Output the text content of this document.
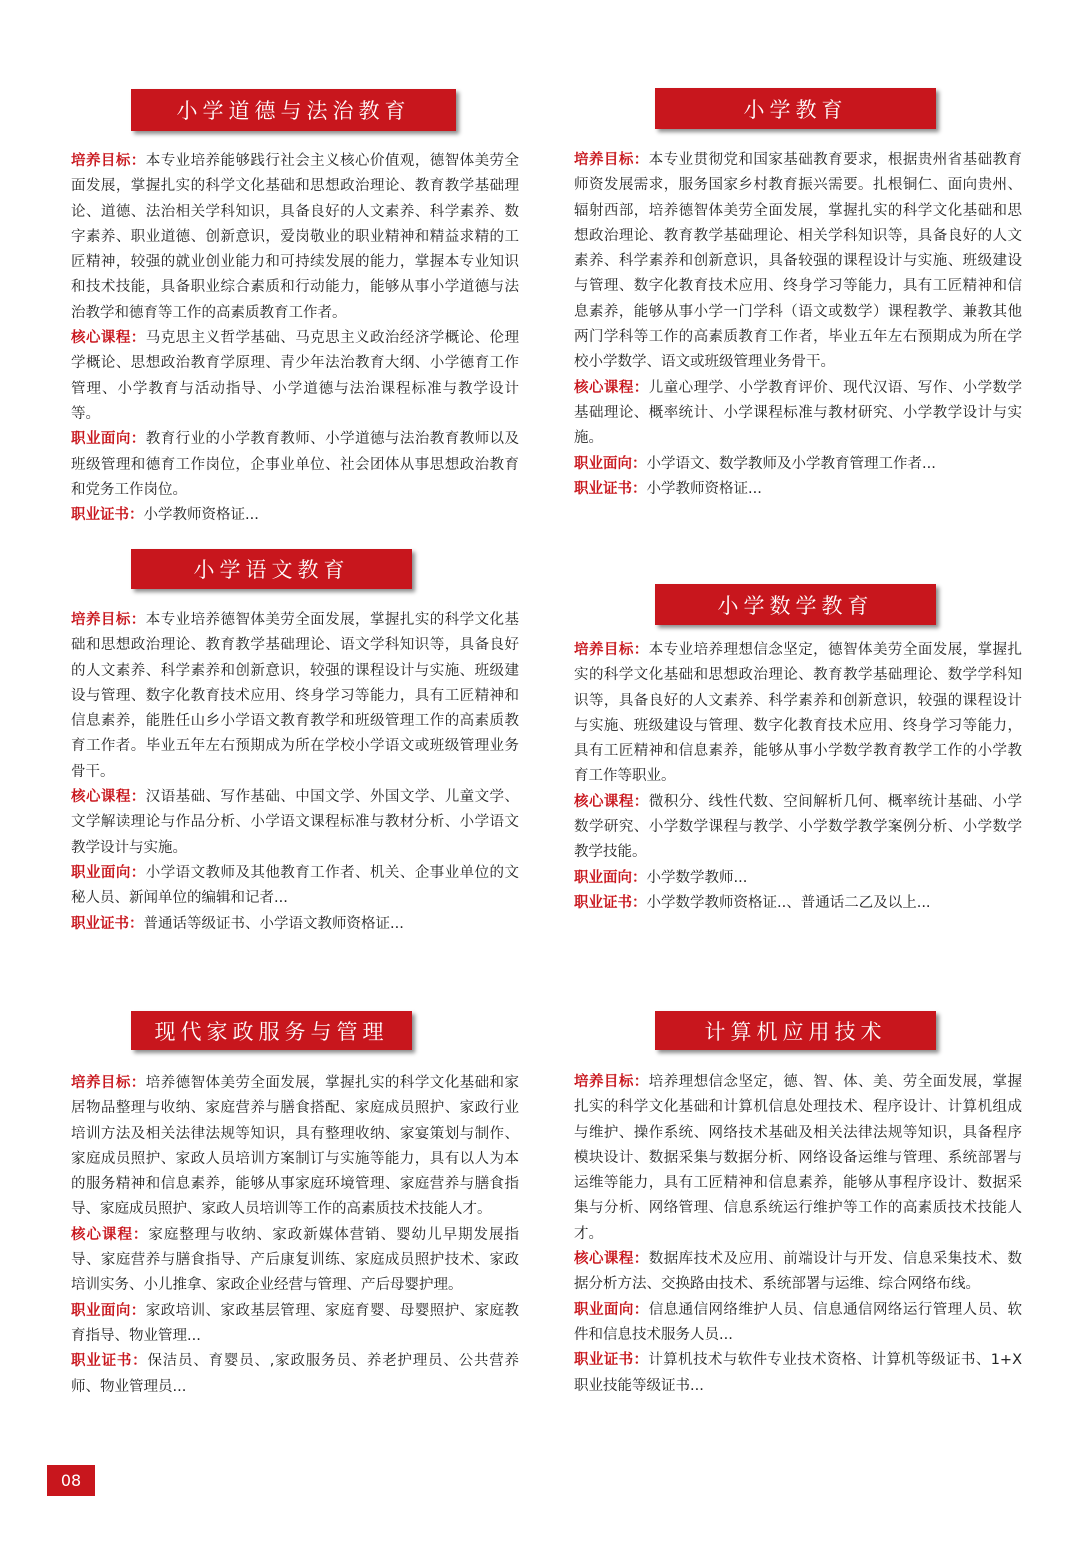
小学道德与法治教育

培养目标：本专业培养能够践行社会主义核心价值观，德智体美劳全面发展，掌握扎实的科学文化基础和思想政治理论、教育教学基础理论、道德、法治相关学科知识，具备良好的人文素养、科学素养、数字素养、职业道德、创新意识，爱岗敬业的职业精神和精益求精的工匠精神，较强的就业创业能力和可持续发展的能力，掌握本专业知识和技术技能，具备职业综合素质和行动能力，能够从事小学道德与法治教学和德育等工作的高素质教育工作者。

核心课程：马克思主义哲学基础、马克思主义政治经济学概论、伦理学概论、思想政治教育学原理、青少年法治教育大纲、小学德育工作管理、小学教育与活动指导、小学道德与法治课程标准与教学设计等。

职业面向：教育行业的小学教育教师、小学道德与法治教育教师以及班级管理和德育工作岗位，企事业单位、社会团体从事思想政治教育和党务工作岗位。

职业证书：小学教师资格证...

小学教育

培养目标：本专业贯彻党和国家基础教育要求，根据贵州省基础教育师资发展需求，服务国家乡村教育振兴需要。扎根铜仁、面向贵州、辐射西部，培养德智体美劳全面发展，掌握扎实的科学文化基础和思想政治理论、教育教学基础理论、相关学科知识等，具备良好的人文素养、科学素养和创新意识，具备较强的课程设计与实施、班级建设与管理、数字化教育技术应用、终身学习等能力，具有工匠精神和信息素养，能够从事小学一门学科（语文或数学）课程教学、兼教其他两门学科等工作的高素质教育工作者，毕业五年左右预期成为所在学校小学数学、语文或班级管理业务骨干。

核心课程：儿童心理学、小学教育评价、现代汉语、写作、小学数学基础理论、概率统计、小学课程标准与教材研究、小学教学设计与实施。

职业面向：小学语文、数学教师及小学教育管理工作者...

职业证书：小学教师资格证...

小学语文教育

培养目标：本专业培养德智体美劳全面发展，掌握扎实的科学文化基础和思想政治理论、教育教学基础理论、语文学科知识等，具备良好的人文素养、科学素养和创新意识，较强的课程设计与实施、班级建设与管理、数字化教育技术应用、终身学习等能力，具有工匠精神和信息素养，能胜任山乡小学语文教育教学和班级管理工作的高素质教育工作者。毕业五年左右预期成为所在学校小学语文或班级管理业务骨干。

核心课程：汉语基础、写作基础、中国文学、外国文学、儿童文学、文学解读理论与作品分析、小学语文课程标准与教材分析、小学语文教学设计与实施。

职业面向：小学语文教师及其他教育工作者、机关、企事业单位的文秘人员、新闻单位的编辑和记者...

职业证书：普通话等级证书、小学语文教师资格证...

小学数学教育

培养目标：本专业培养理想信念坚定，德智体美劳全面发展，掌握扎实的科学文化基础和思想政治理论、教育教学基础理论、数学学科知识等，具备良好的人文素养、科学素养和创新意识，较强的课程设计与实施、班级建设与管理、数字化教育技术应用、终身学习等能力，具有工匠精神和信息素养，能够从事小学数学教育教学工作的小学教育工作等职业。

核心课程：微积分、线性代数、空间解析几何、概率统计基础、小学数学研究、小学数学课程与教学、小学数学教学案例分析、小学数学教学技能。

职业面向：小学数学教师...

职业证书：小学数学教师资格证..、普通话二乙及以上...

现代家政服务与管理

培养目标：培养德智体美劳全面发展，掌握扎实的科学文化基础和家居物品整理与收纳、家庭营养与膳食搭配、家庭成员照护、家政行业培训方法及相关法律法规等知识，具有整理收纳、家宴策划与制作、家庭成员照护、家政人员培训方案制订与实施等能力，具有以人为本的服务精神和信息素养，能够从事家庭环境管理、家庭营养与膳食指导、家庭成员照护、家政人员培训等工作的高素质技术技能人才。

核心课程：家庭整理与收纳、家政新媒体营销、婴幼儿早期发展指导、家庭营养与膳食指导、产后康复训练、家庭成员照护技术、家政培训实务、小儿推拿、家政企业经营与管理、产后母婴护理。

职业面向：家政培训、家政基层管理、家庭育婴、母婴照护、家庭教育指导、物业管理...

职业证书：保洁员、育婴员、,家政服务员、养老护理员、公共营养师、物业管理员...

计算机应用技术

培养目标：培养理想信念坚定，德、智、体、美、劳全面发展，掌握扎实的科学文化基础和计算机信息处理技术、程序设计、计算机组成与维护、操作系统、网络技术基础及相关法律法规等知识，具备程序模块设计、数据采集与数据分析、网络设备运维与管理、系统部署与运维等能力，具有工匠精神和信息素养，能够从事程序设计、数据采集与分析、网络管理、信息系统运行维护等工作的高素质技术技能人才。

核心课程：数据库技术及应用、前端设计与开发、信息采集技术、数据分析方法、交换路由技术、系统部署与运维、综合网络布线。

职业面向：信息通信网络维护人员、信息通信网络运行管理人员、软件和信息技术服务人员...

职业证书：计算机技术与软件专业技术资格、计算机等级证书、1+X职业技能等级证书...

08
